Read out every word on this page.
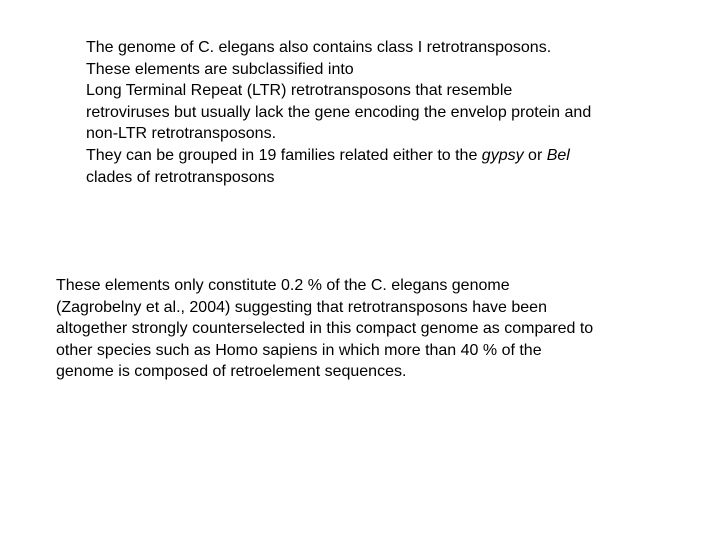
The genome of C. elegans also contains class I retrotransposons.
These elements are subclassified into
Long Terminal Repeat (LTR) retrotransposons that resemble
retroviruses but usually lack the gene encoding the envelop protein and
non-LTR retrotransposons.
They can be grouped in 19 families related either to the gypsy or Bel
clades of retrotransposons
These elements only constitute 0.2 % of the C. elegans genome
(Zagrobelny et al., 2004) suggesting that retrotransposons have been
altogether strongly counterselected in this compact genome as compared to
other species such as Homo sapiens in which more than 40 % of the
genome is composed of retroelement sequences.
